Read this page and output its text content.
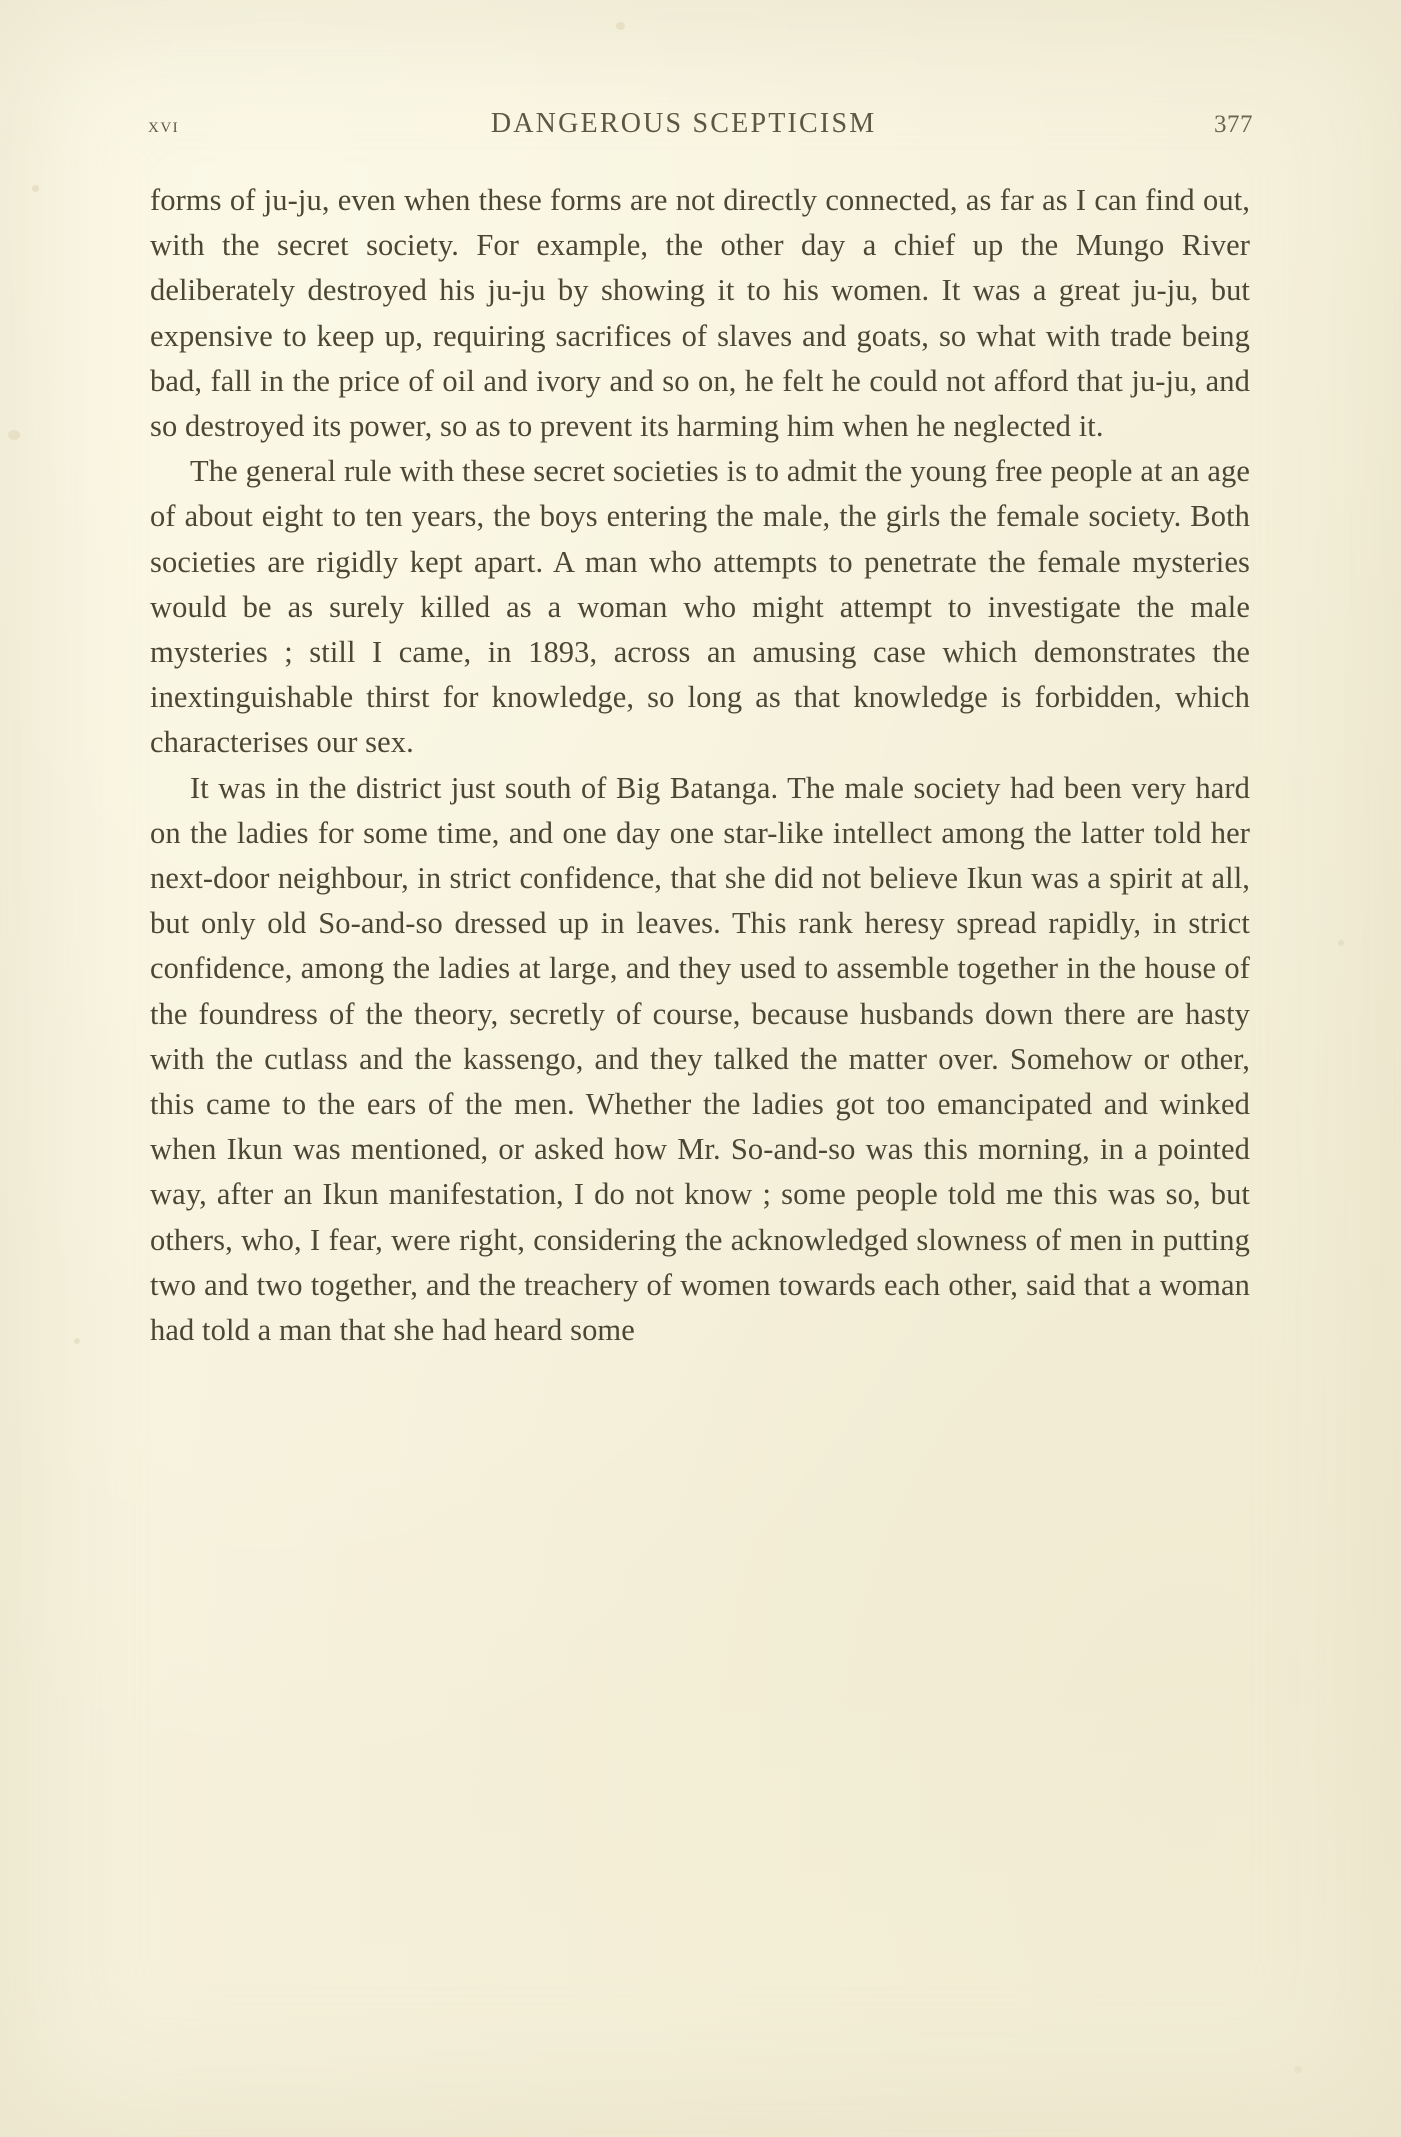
xvi	DANGEROUS SCEPTICISM	377

forms of ju-ju, even when these forms are not directly connected, as far as I can find out, with the secret society. For example, the other day a chief up the Mungo River deliberately destroyed his ju-ju by showing it to his women. It was a great ju-ju, but expensive to keep up, requiring sacrifices of slaves and goats, so what with trade being bad, fall in the price of oil and ivory and so on, he felt he could not afford that ju-ju, and so destroyed its power, so as to prevent its harming him when he neglected it.

The general rule with these secret societies is to admit the young free people at an age of about eight to ten years, the boys entering the male, the girls the female society. Both societies are rigidly kept apart. A man who attempts to penetrate the female mysteries would be as surely killed as a woman who might attempt to investigate the male mysteries ; still I came, in 1893, across an amusing case which demonstrates the inextinguishable thirst for knowledge, so long as that knowledge is forbidden, which characterises our sex.

It was in the district just south of Big Batanga. The male society had been very hard on the ladies for some time, and one day one star-like intellect among the latter told her next-door neighbour, in strict confidence, that she did not believe Ikun was a spirit at all, but only old So-and-so dressed up in leaves. This rank heresy spread rapidly, in strict confidence, among the ladies at large, and they used to assemble together in the house of the foundress of the theory, secretly of course, because husbands down there are hasty with the cutlass and the kassengo, and they talked the matter over. Somehow or other, this came to the ears of the men. Whether the ladies got too emancipated and winked when Ikun was mentioned, or asked how Mr. So-and-so was this morning, in a pointed way, after an Ikun manifestation, I do not know ; some people told me this was so, but others, who, I fear, were right, considering the acknowledged slowness of men in putting two and two together, and the treachery of women towards each other, said that a woman had told a man that she had heard some
